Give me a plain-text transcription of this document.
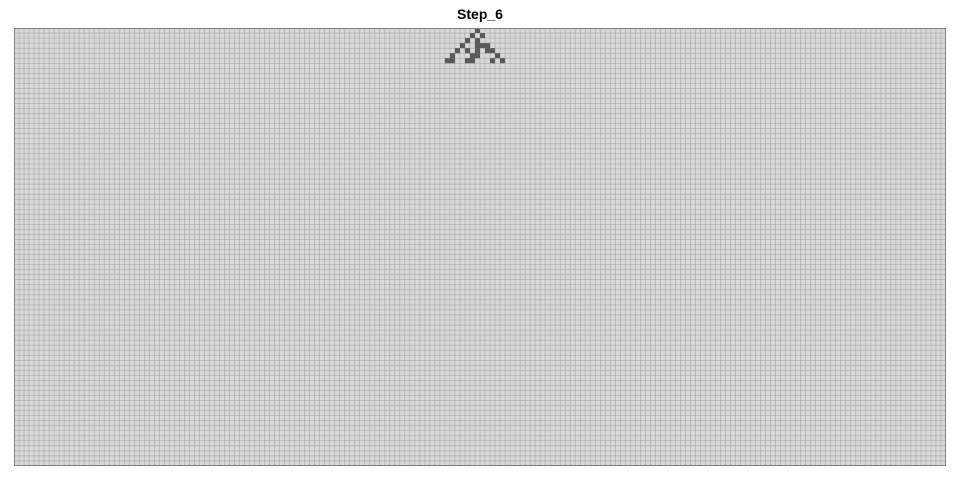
Step_6
